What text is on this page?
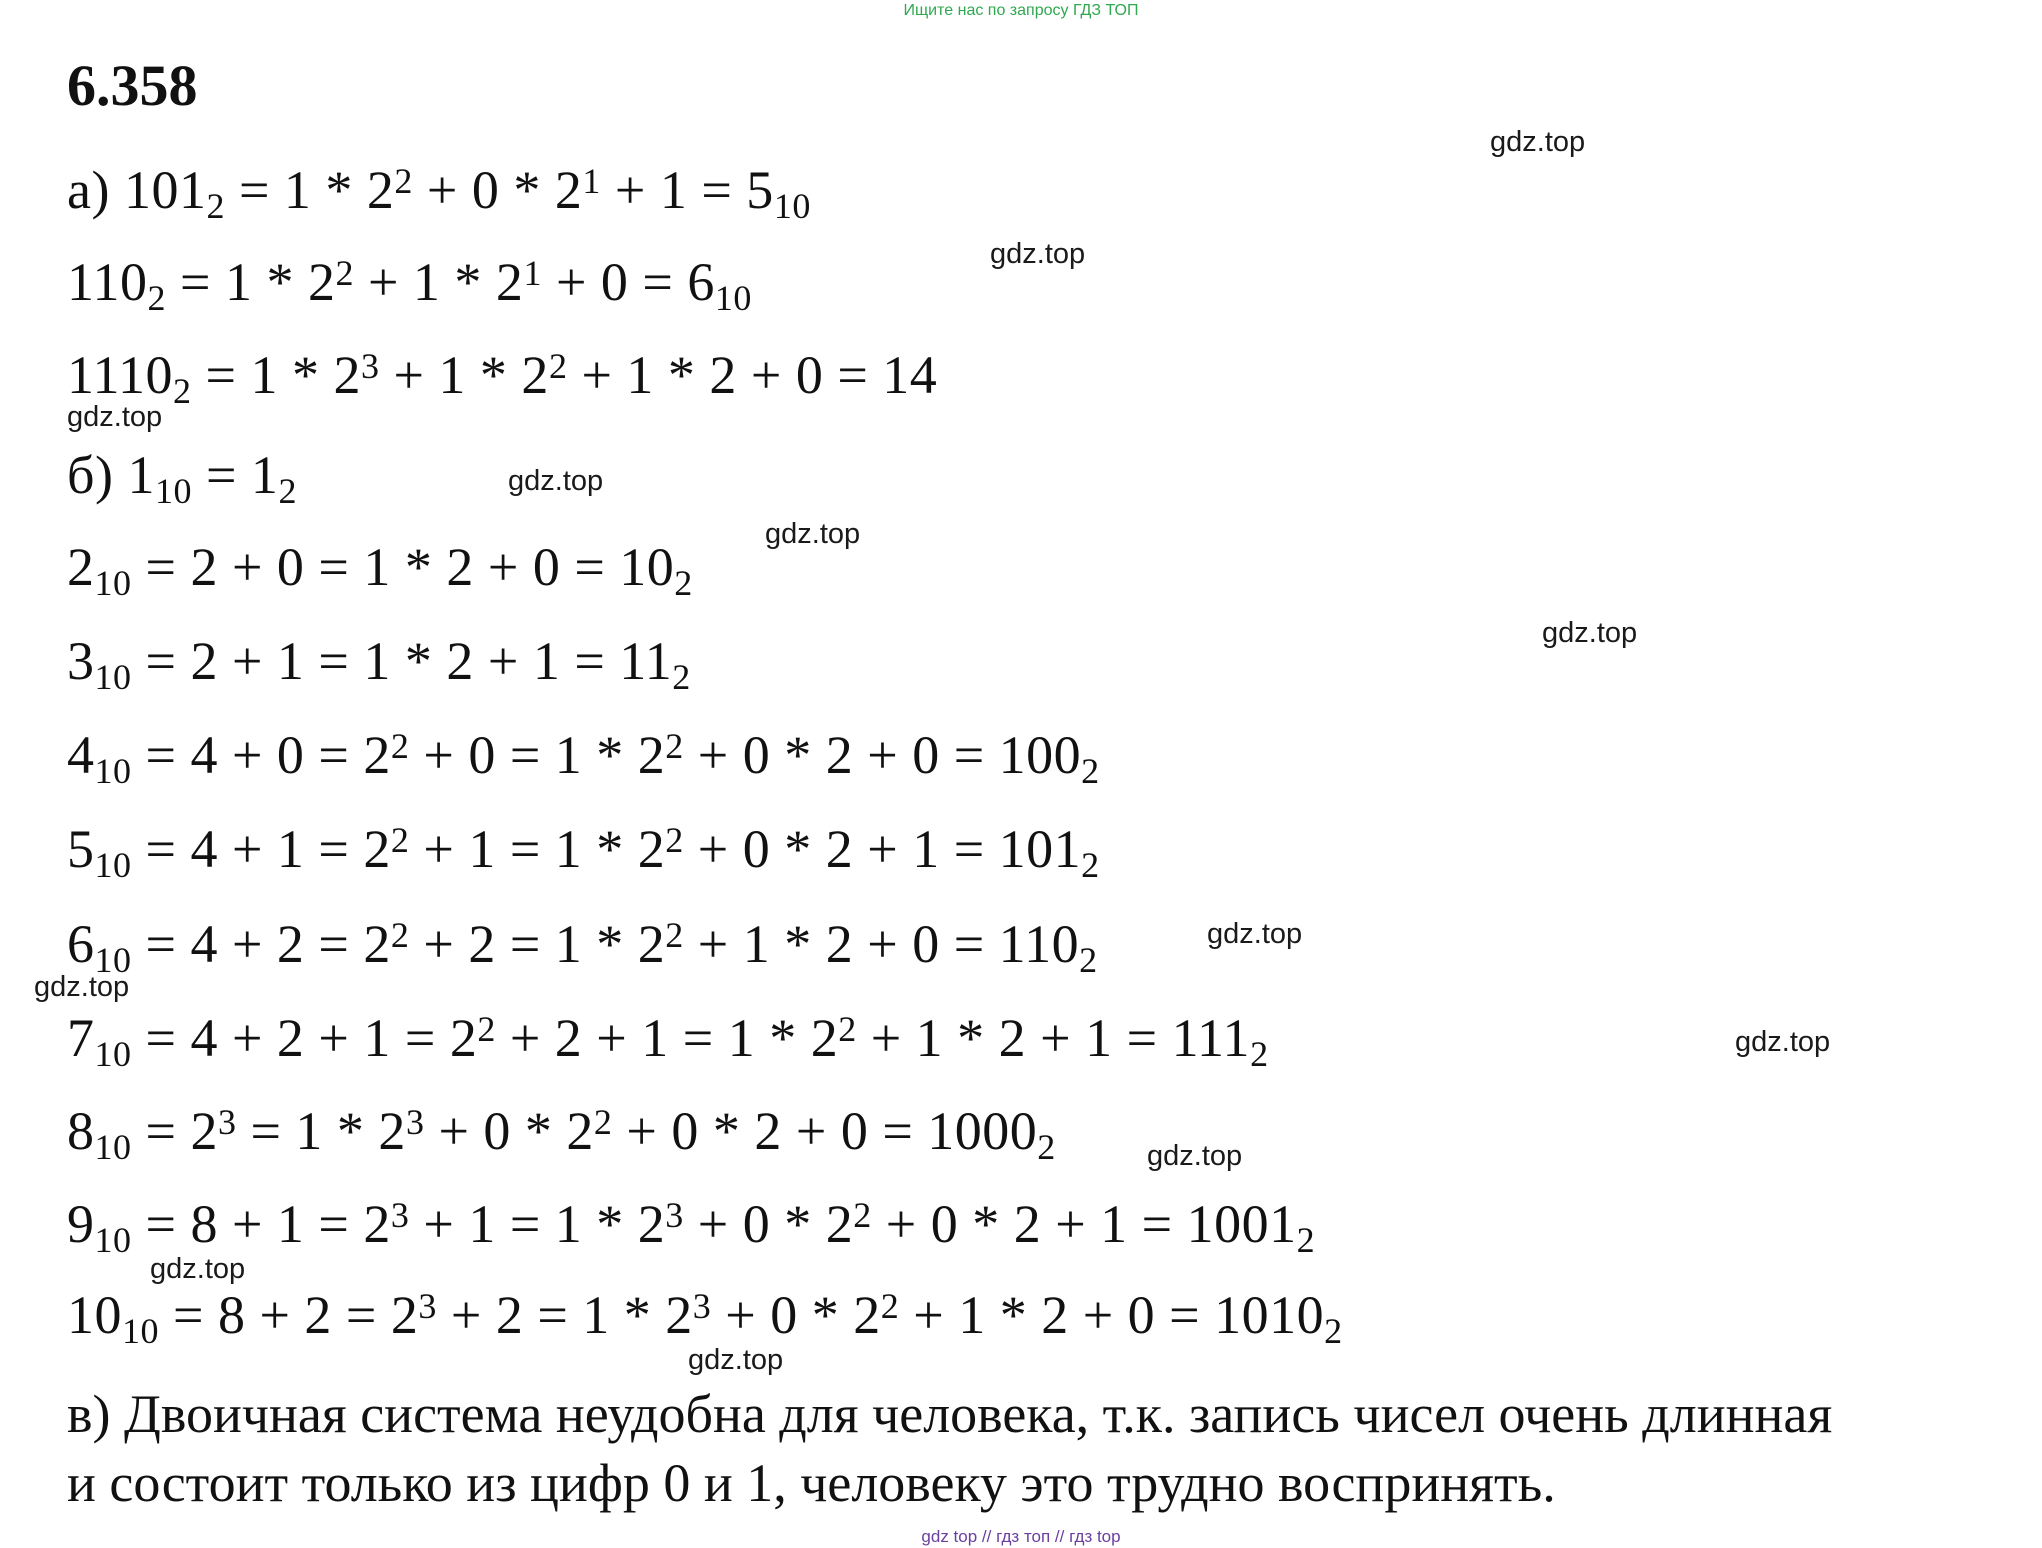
Ищите нас по запросу ГДЗ ТОП
6.358
а) $101_2 = 1 * 2^2 + 0 * 2^1 + 1 = 5_{10}$
$110_2 = 1 * 2^2 + 1 * 2^1 + 0 = 6_{10}$
$1110_2 = 1 * 2^3 + 1 * 2^2 + 1 * 2 + 0 = 14$
б) $1_{10} = 1_2$
$2_{10} = 2 + 0 = 1 * 2 + 0 = 10_2$
$3_{10} = 2 + 1 = 1 * 2 + 1 = 11_2$
$4_{10} = 4 + 0 = 2^2 + 0 = 1 * 2^2 + 0 * 2 + 0 = 100_2$
$5_{10} = 4 + 1 = 2^2 + 1 = 1 * 2^2 + 0 * 2 + 1 = 101_2$
$6_{10} = 4 + 2 = 2^2 + 2 = 1 * 2^2 + 1 * 2 + 0 = 110_2$
$7_{10} = 4 + 2 + 1 = 2^2 + 2 + 1 = 1 * 2^2 + 1 * 2 + 1 = 111_2$
$8_{10} = 2^3 = 1 * 2^3 + 0 * 2^2 + 0 * 2 + 0 = 1000_2$
$9_{10} = 8 + 1 = 2^3 + 1 = 1 * 2^3 + 0 * 2^2 + 0 * 2 + 1 = 1001_2$
$10_{10} = 8 + 2 = 2^3 + 2 = 1 * 2^3 + 0 * 2^2 + 1 * 2 + 0 = 1010_2$
в) Двоичная система неудобна для человека, т.к. запись чисел очень длинная
и состоит только из цифр 0 и 1, человеку это трудно воспринять.
gdz.top
gdz.top
gdz.top
gdz.top
gdz.top
gdz.top
gdz.top
gdz.top
gdz.top
gdz.top
gdz.top
gdz.top
gdz top // гдз топ // гдз top
